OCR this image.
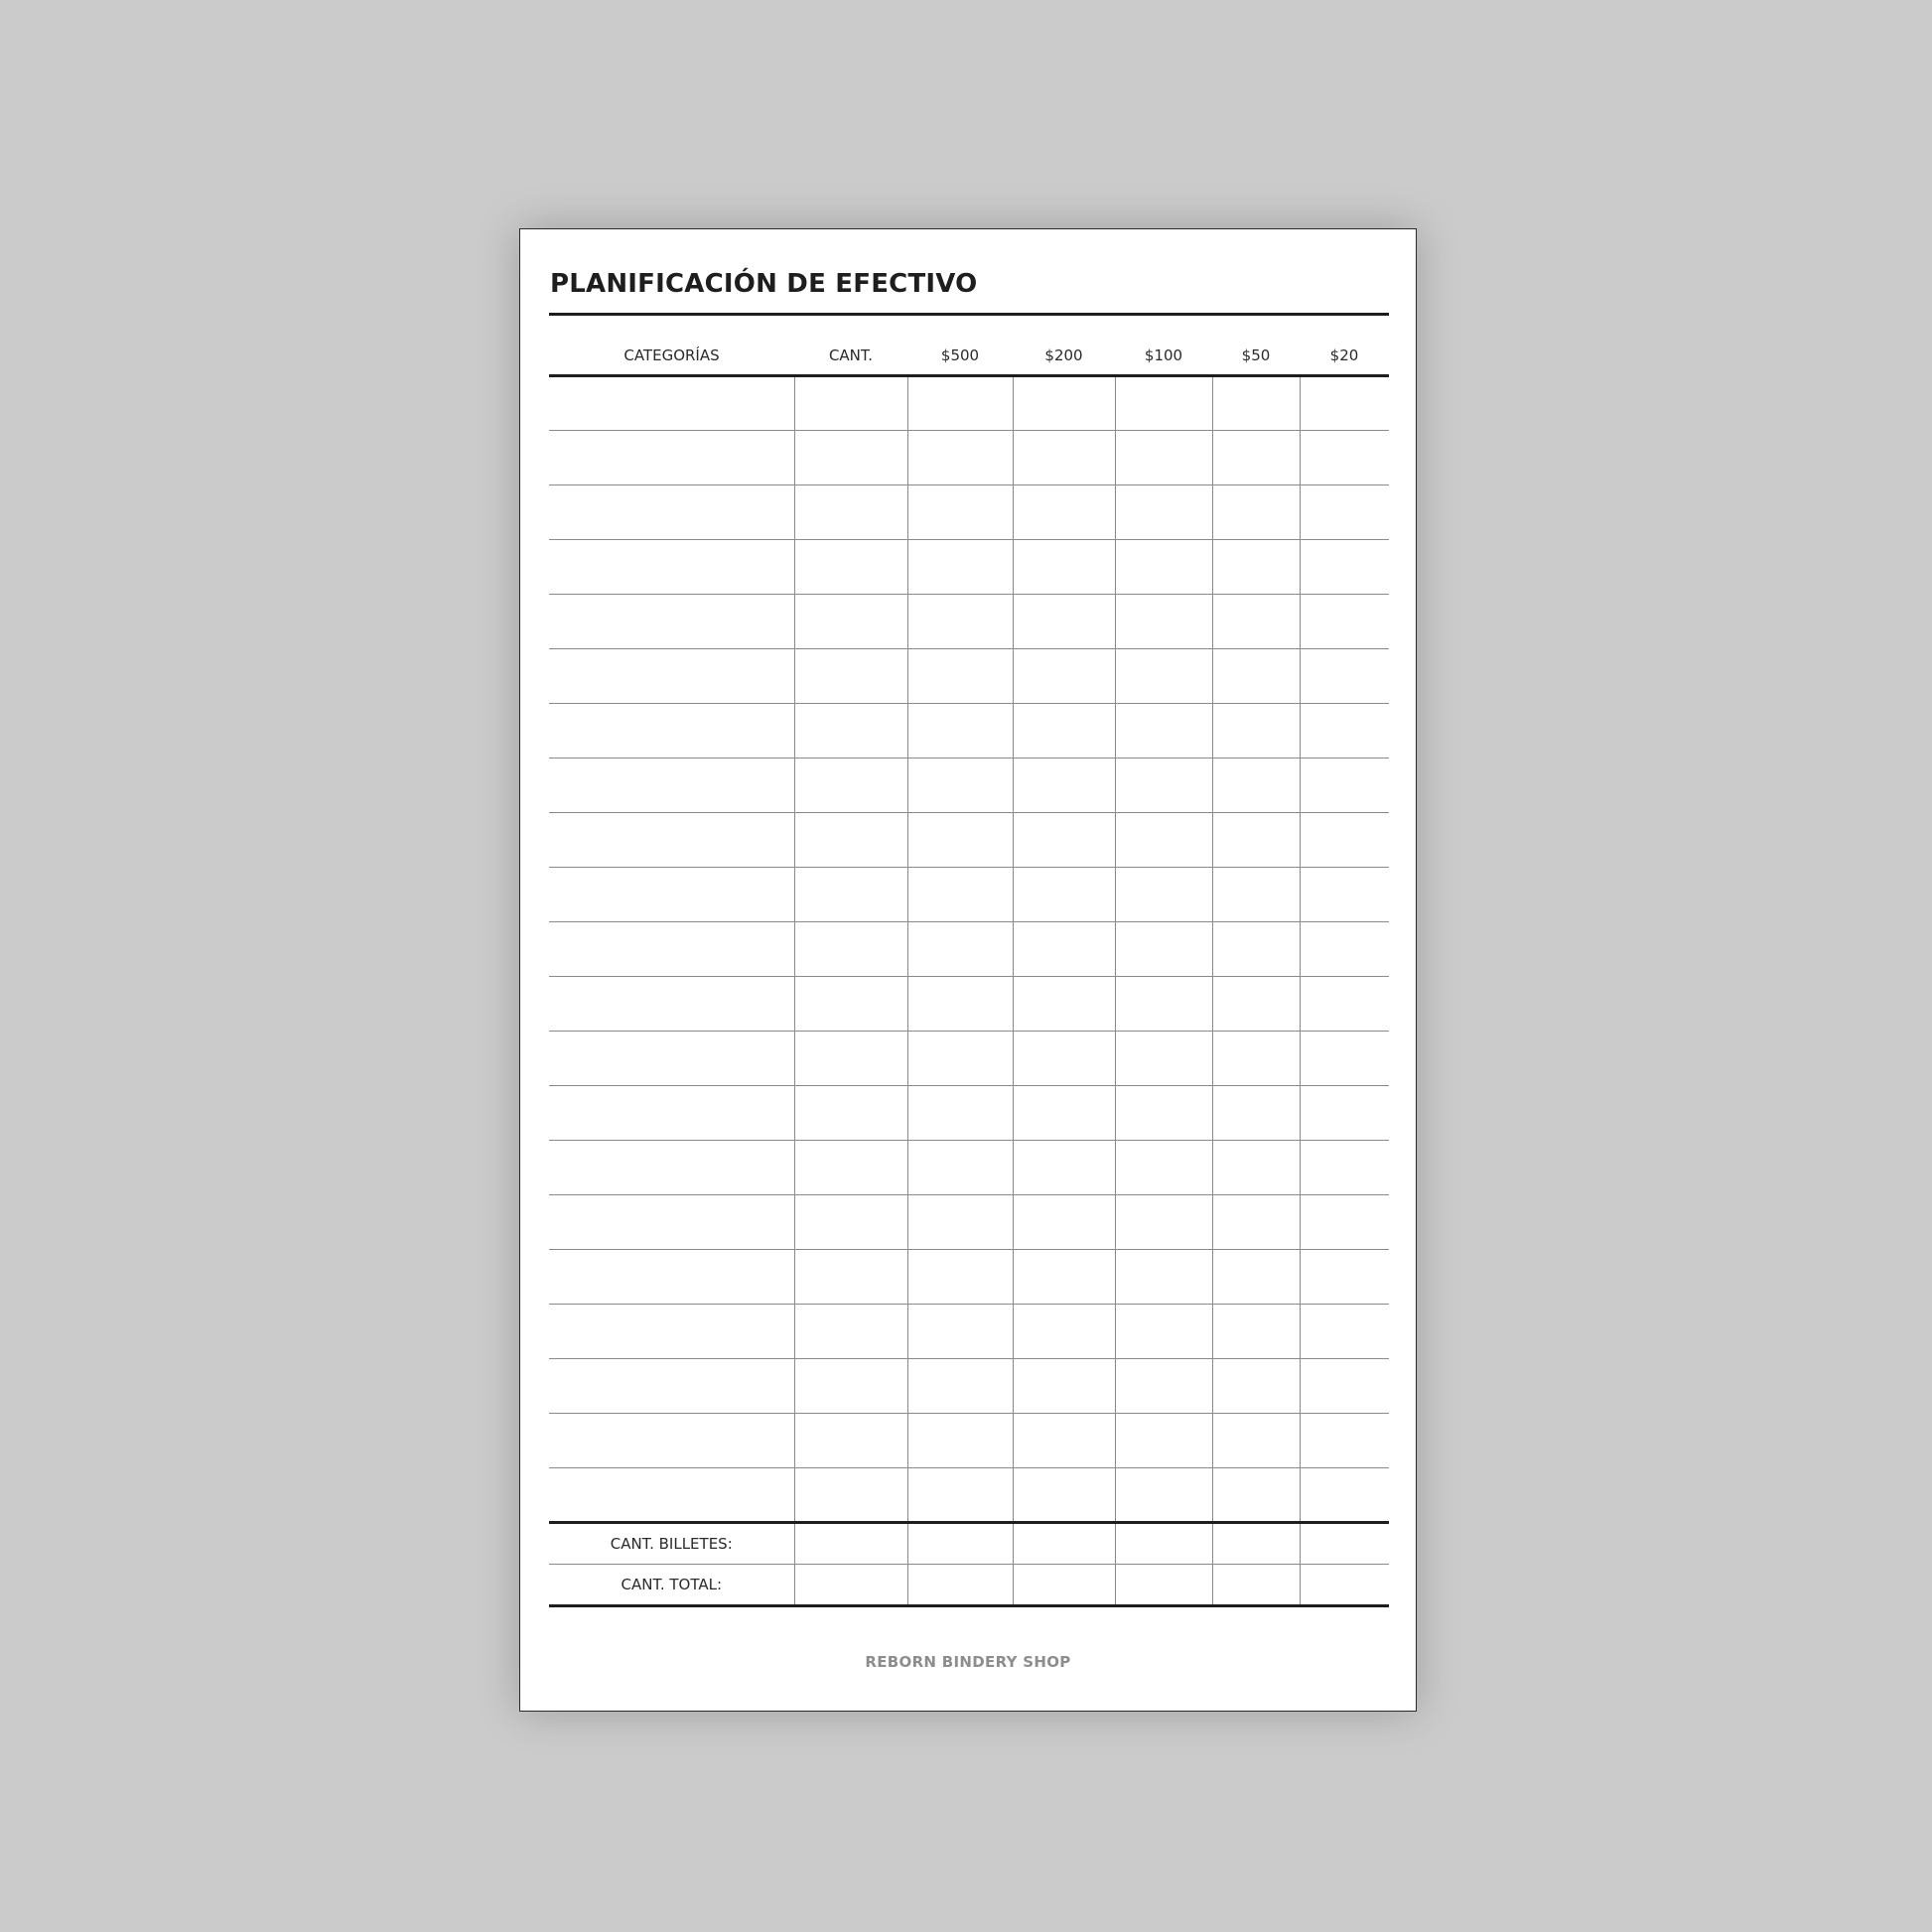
PLANIFICACIÓN DE EFECTIVO
CATEGORÍAS	CANT.	$500	$200	$100	$50	$20

CANT. BILLETES:						
CANT. TOTAL:						
REBORN BINDERY SHOP
